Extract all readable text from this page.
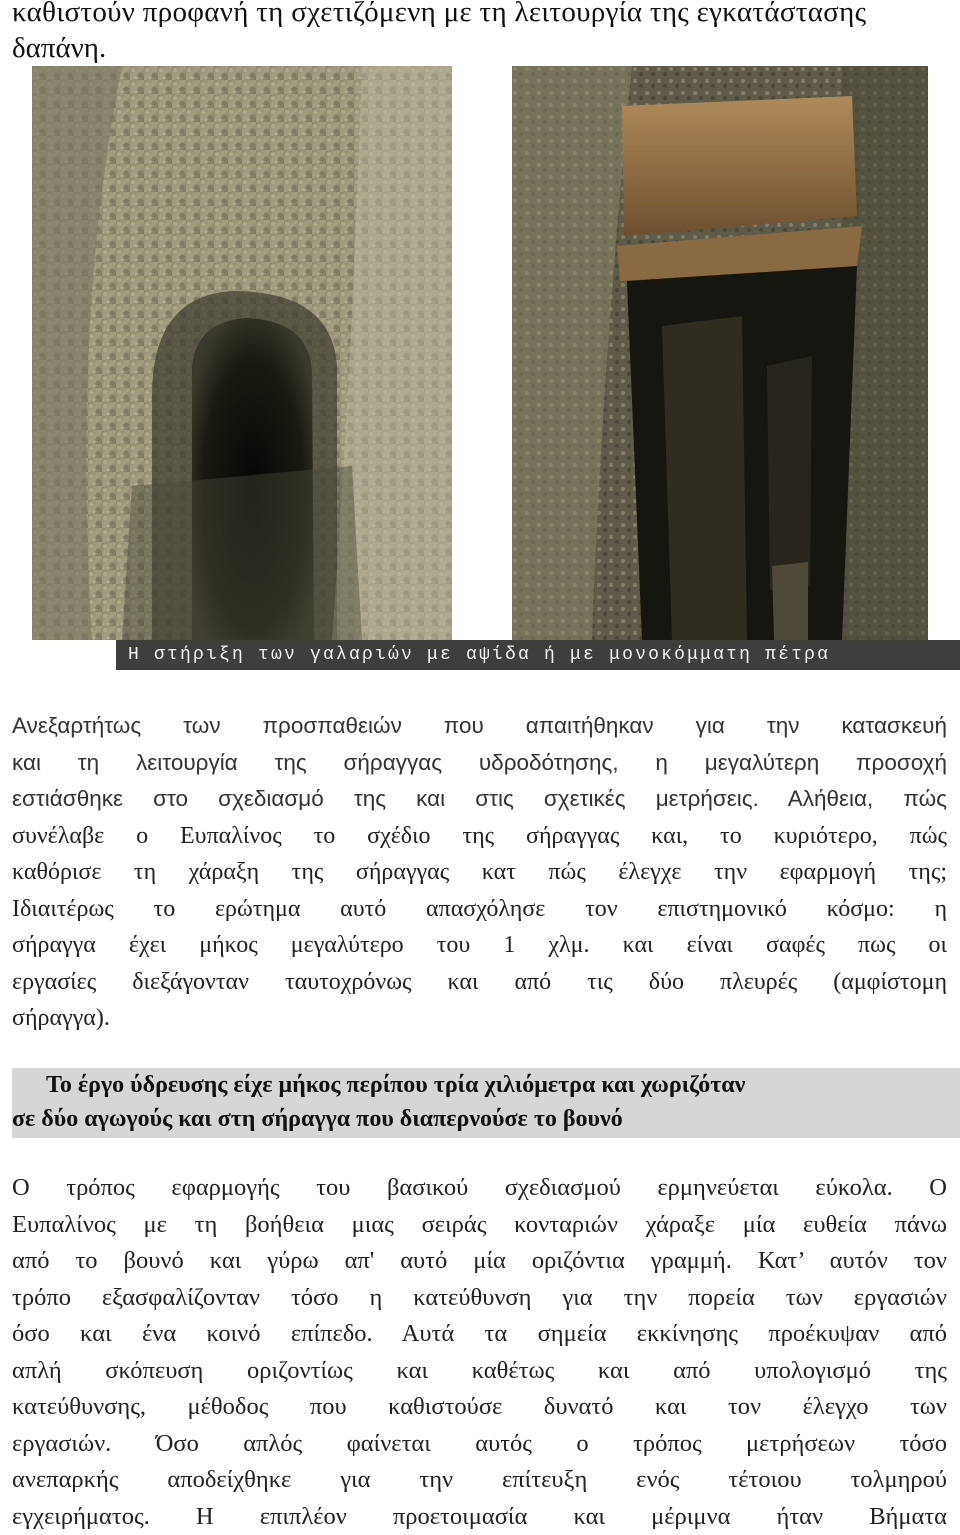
καθιστούν προφανή τη σχετιζόμενη με τη λειτουργία της εγκατάστασης
δαπάνη.
Η στήριξη των γαλαριών με αψίδα ή με μονοκόμματη πέτρα
Ανεξαρτήτως των προσπαθειών που απαιτήθηκαν για την κατασκευή
και τη λειτουργία της σήραγγας υδροδότησης, η μεγαλύτερη προσοχή
εστιάσθηκε στο σχεδιασμό της και στις σχετικές μετρήσεις. Αλήθεια, πώς
συνέλαβε ο Ευπαλίνος το σχέδιο της σήραγγας και, το κυριότερο, πώς
καθόρισε τη χάραξη της σήραγγας κατ πώς έλεγχε την εφαρμογή της;
Ιδιαιτέρως το ερώτημα αυτό απασχόλησε τον επιστημονικό κόσμο: η
σήραγγα έχει μήκος μεγαλύτερο του 1 χλμ. και είναι σαφές πως οι
εργασίες διεξάγονταν ταυτοχρόνως και από τις δύο πλευρές (αμφίστομη
σήραγγα).
Το έργο ύδρευσης είχε μήκος περίπου τρία χιλιόμετρα και χωριζόταν
σε δύο αγωγούς και στη σήραγγα που διαπερνούσε το βουνό
Ο τρόπος εφαρμογής του βασικού σχεδιασμού ερμηνεύεται εύκολα. Ο
Ευπαλίνος με τη βοήθεια μιας σειράς κονταριών χάραξε μία ευθεία πάνω
από το βουνό και γύρω απ' αυτό μία οριζόντια γραμμή. Κατ’ αυτόν τον
τρόπο εξασφαλίζονταν τόσο η κατεύθυνση για την πορεία των εργασιών
όσο και ένα κοινό επίπεδο. Αυτά τα σημεία εκκίνησης προέκυψαν από
απλή σκόπευση οριζοντίως και καθέτως και από υπολογισμό της
κατεύθυνσης, μέθοδος που καθιστούσε δυνατό και τον έλεγχο των
εργασιών. Όσο απλός φαίνεται αυτός ο τρόπος μετρήσεων τόσο
ανεπαρκής αποδείχθηκε για την επίτευξη ενός τέτοιου τολμηρού
εγχειρήματος. Η επιπλέον προετοιμασία και μέριμνα ήταν Βήματα
